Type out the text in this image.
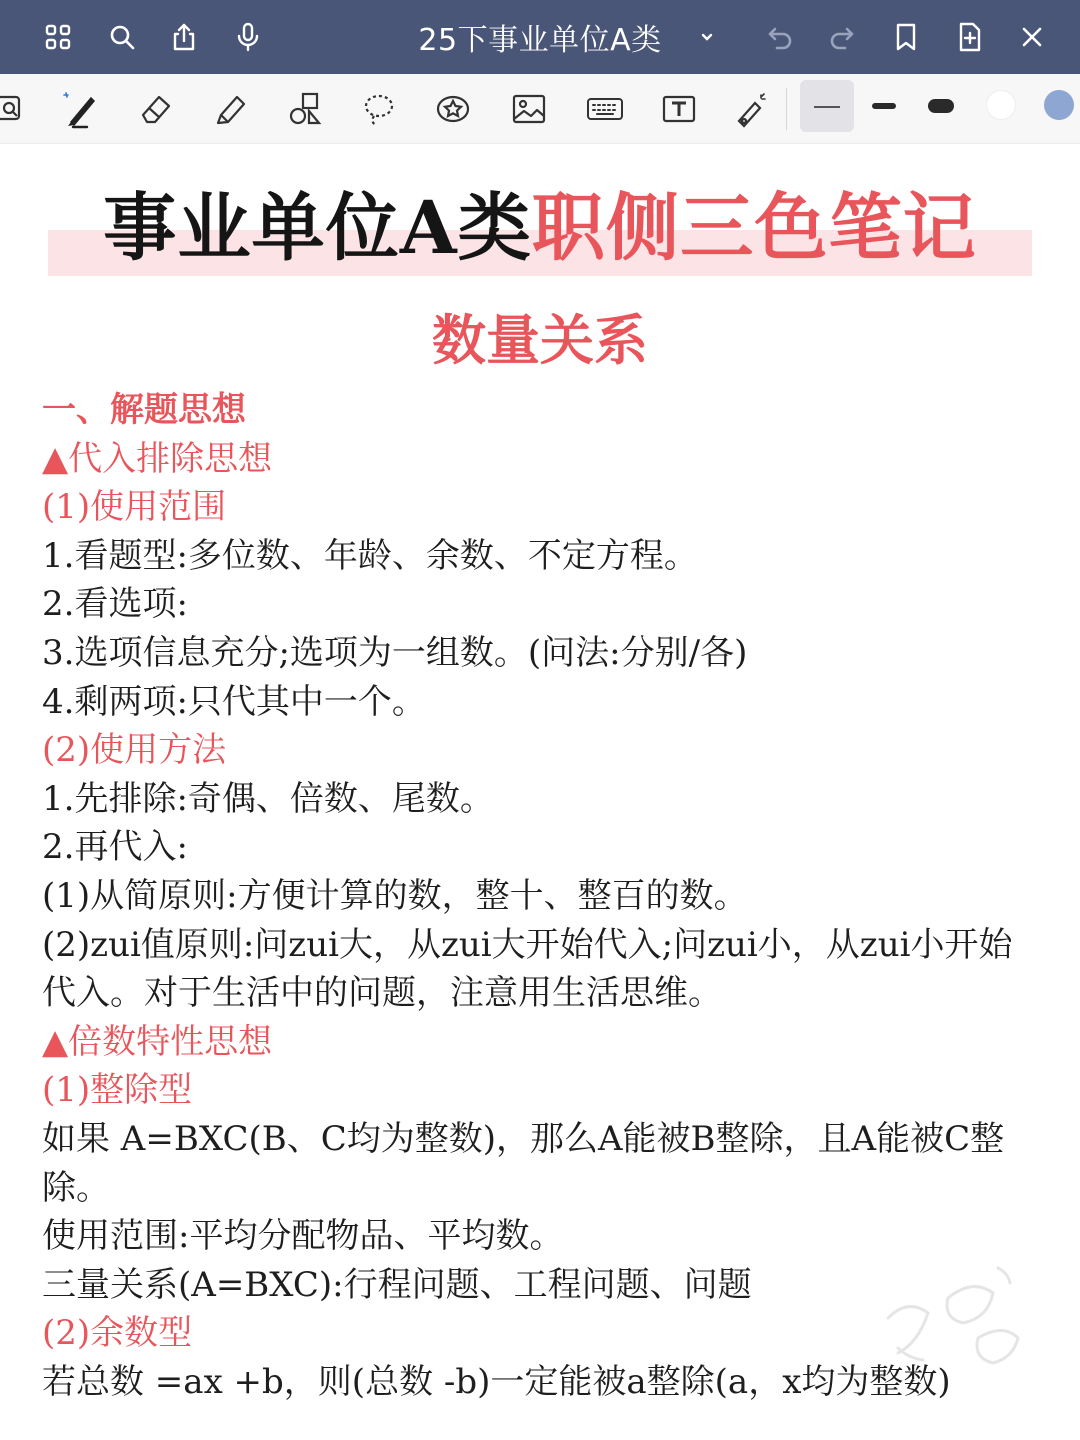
25下事业单位A类
事业单位A类职侧三色笔记
数量关系
一、解题思想
▲代入排除思想
(1)使用范围
1.看题型:多位数、年龄、余数、不定方程。
2.看选项:
3.选项信息充分;选项为一组数。(问法:分别/各)
4.剩两项:只代其中一个。
(2)使用方法
1.先排除:奇偶、倍数、尾数。
2.再代入:
(1)从简原则:方便计算的数，整十、整百的数。
(2)zui值原则:问zui大，从zui大开始代入;问zui小，从zui小开始
代入。对于生活中的问题，注意用生活思维。
▲倍数特性思想
(1)整除型
如果 A=BXC(B、C均为整数)，那么A能被B整除，且A能被C整
除。
使用范围:平均分配物品、平均数。
三量关系(A=BXC):行程问题、工程问题、问题
(2)余数型
若总数 =ax +b，则(总数 -b)一定能被a整除(a，x均为整数)
